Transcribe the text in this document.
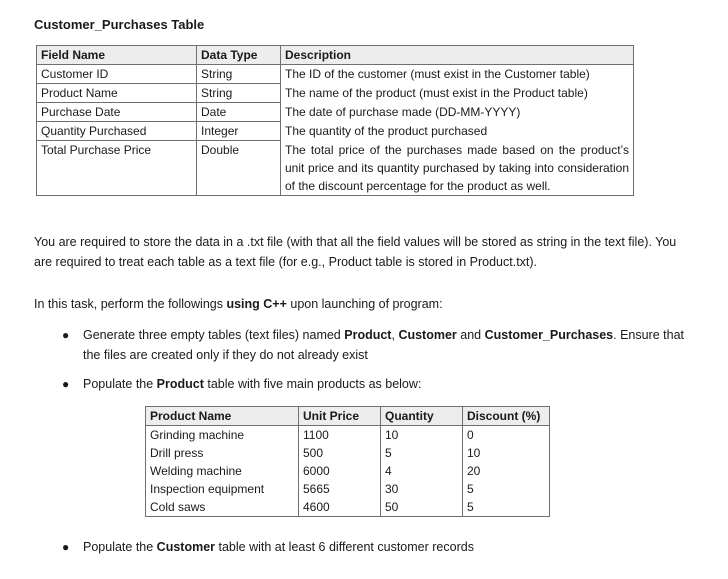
Customer_Purchases Table
Field Name	Data Type	Description
Customer ID	String	The ID of the customer (must exist in the Customer table)
Product Name	String	The name of the product (must exist in the Product table)
Purchase Date	Date	The date of purchase made (DD-MM-YYYY)
Quantity Purchased	Integer	The quantity of the product purchased
Total Purchase Price	Double	The total price of the purchases made based on the product’s unit price and its quantity purchased by taking into consideration of the discount percentage for the product as well.
You are required to store the data in a .txt file (with that all the field values will be stored as string in the text file). You are required to treat each table as a text file (for e.g., Product table is stored in Product.txt).
In this task, perform the followings using C++ upon launching of program:
● Generate three empty tables (text files) named Product, Customer and Customer_Purchases. Ensure that the files are created only if they do not already exist
● Populate the Product table with five main products as below:
Product Name	Unit Price	Quantity	Discount (%)
Grinding machine	1100	10	0
Drill press	500	5	10
Welding machine	6000	4	20
Inspection equipment	5665	30	5
Cold saws	4600	50	5
● Populate the Customer table with at least 6 different customer records
